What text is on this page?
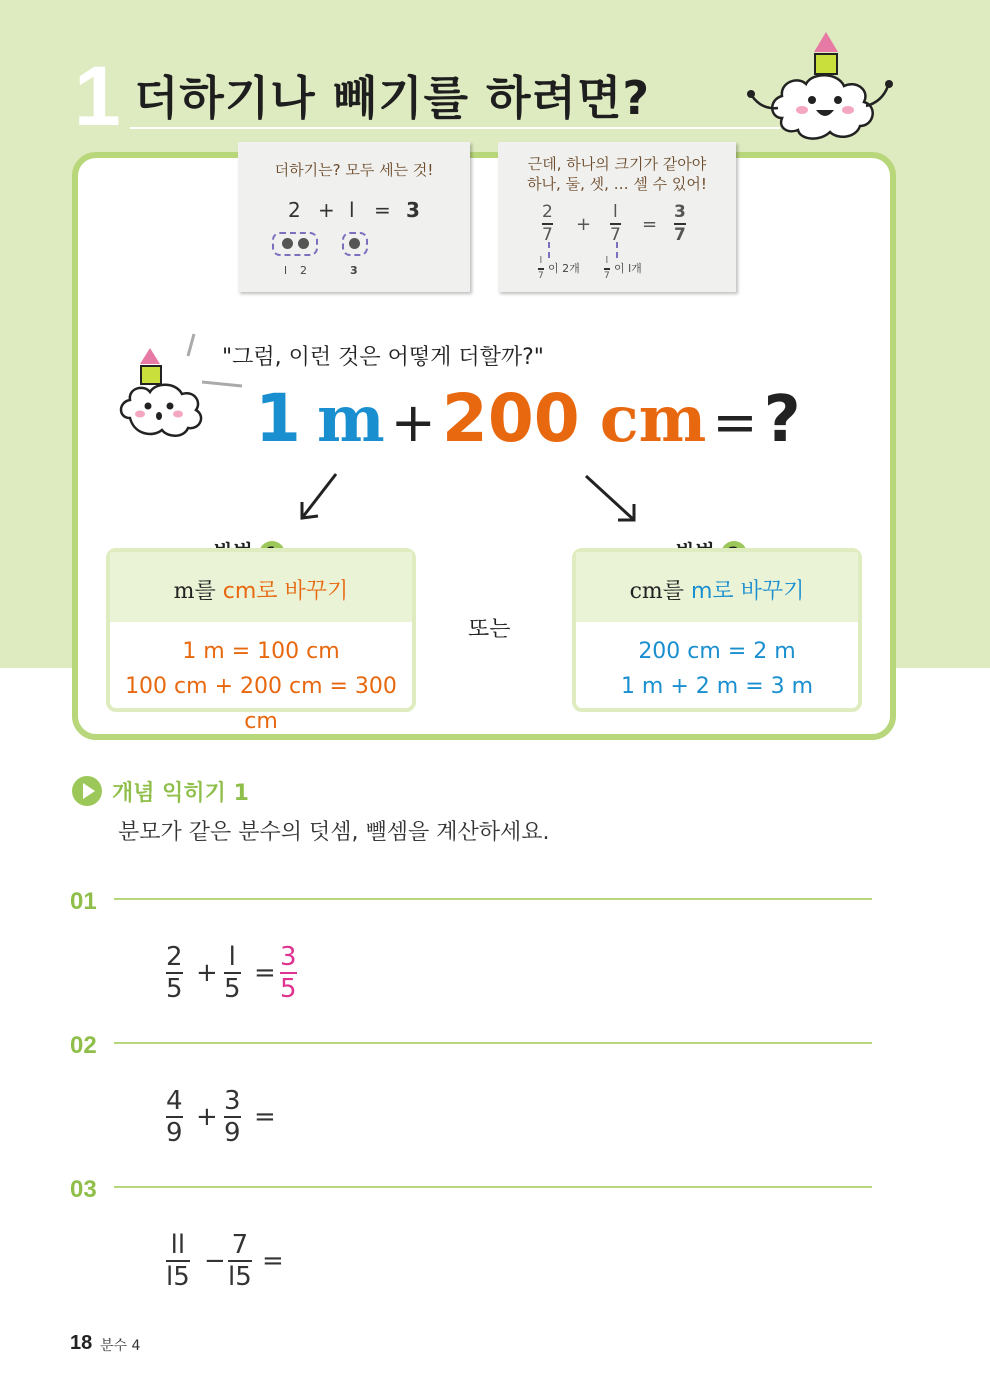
1 더하기나 빼기를 하려면?
더하기는? 모두 세는 것!
2 + l = 3
l 2	3
근데, 하나의 크기가 같아야
하나, 둘, 셋, … 셀 수 있어!
2
7 +
l
7 =
3
7
l
7
이 2개
l
7
이 l개
"그럼, 이런 것은 어떻게 더할까?"
1 m +200 cm =?
m를 cm로 바꾸기
1 m = 100 cm
100 cm + 200 cm = 300 cm
또는
cm를 m로 바꾸기
200 cm = 2 m
1 m + 2 m = 3 m
개념 익히기 1
분모가 같은 분수의 덧셈, 뺄셈을 계산하세요.
01
2
5
+
l
5
=
3
5
02
4
9
+
3
9
=
03
ll
l5
−
7
l5
=
18 분수 4
